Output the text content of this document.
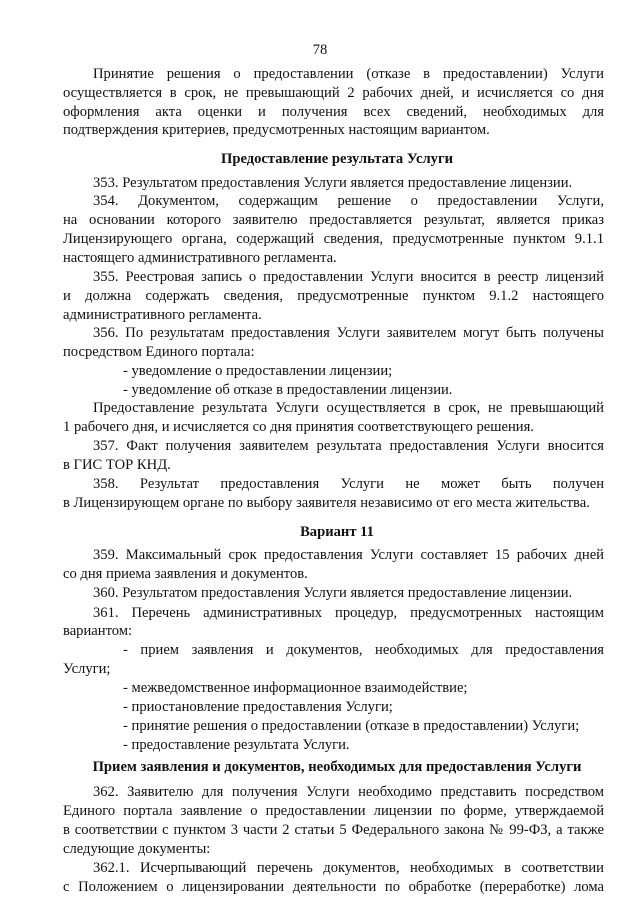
78
Принятие решения о предоставлении (отказе в предоставлении) Услуги
осуществляется в срок, не превышающий 2 рабочих дней, и исчисляется со дня
оформления акта оценки и получения всех сведений, необходимых для
подтверждения критериев, предусмотренных настоящим вариантом.
Предоставление результата Услуги
353. Результатом предоставления Услуги является предоставление лицензии.
354. Документом, содержащим решение о предоставлении Услуги,
на основании которого заявителю предоставляется результат, является приказ
Лицензирующего органа, содержащий сведения, предусмотренные пунктом 9.1.1
настоящего административного регламента.
355. Реестровая запись о предоставлении Услуги вносится в реестр лицензий
и должна содержать сведения, предусмотренные пунктом 9.1.2 настоящего
административного регламента.
356. По результатам предоставления Услуги заявителем могут быть получены
посредством Единого портала:
- уведомление о предоставлении лицензии;
- уведомление об отказе в предоставлении лицензии.
Предоставление результата Услуги осуществляется в срок, не превышающий
1 рабочего дня, и исчисляется со дня принятия соответствующего решения.
357. Факт получения заявителем результата предоставления Услуги вносится
в ГИС ТОР КНД.
358. Результат предоставления Услуги не может быть получен
в Лицензирующем органе по выбору заявителя независимо от его места жительства.
Вариант 11
359. Максимальный срок предоставления Услуги составляет 15 рабочих дней
со дня приема заявления и документов.
360. Результатом предоставления Услуги является предоставление лицензии.
361. Перечень административных процедур, предусмотренных настоящим
вариантом:
- прием заявления и документов, необходимых для предоставления
Услуги;
- межведомственное информационное взаимодействие;
- приостановление предоставления Услуги;
- принятие решения о предоставлении (отказе в предоставлении) Услуги;
- предоставление результата Услуги.
Прием заявления и документов, необходимых для предоставления Услуги
362. Заявителю для получения Услуги необходимо представить посредством
Единого портала заявление о предоставлении лицензии по форме, утверждаемой
в соответствии с пунктом 3 части 2 статьи 5 Федерального закона № 99-ФЗ, а также
следующие документы:
362.1. Исчерпывающий перечень документов, необходимых в соответствии
с Положением о лицензировании деятельности по обработке (переработке) лома
